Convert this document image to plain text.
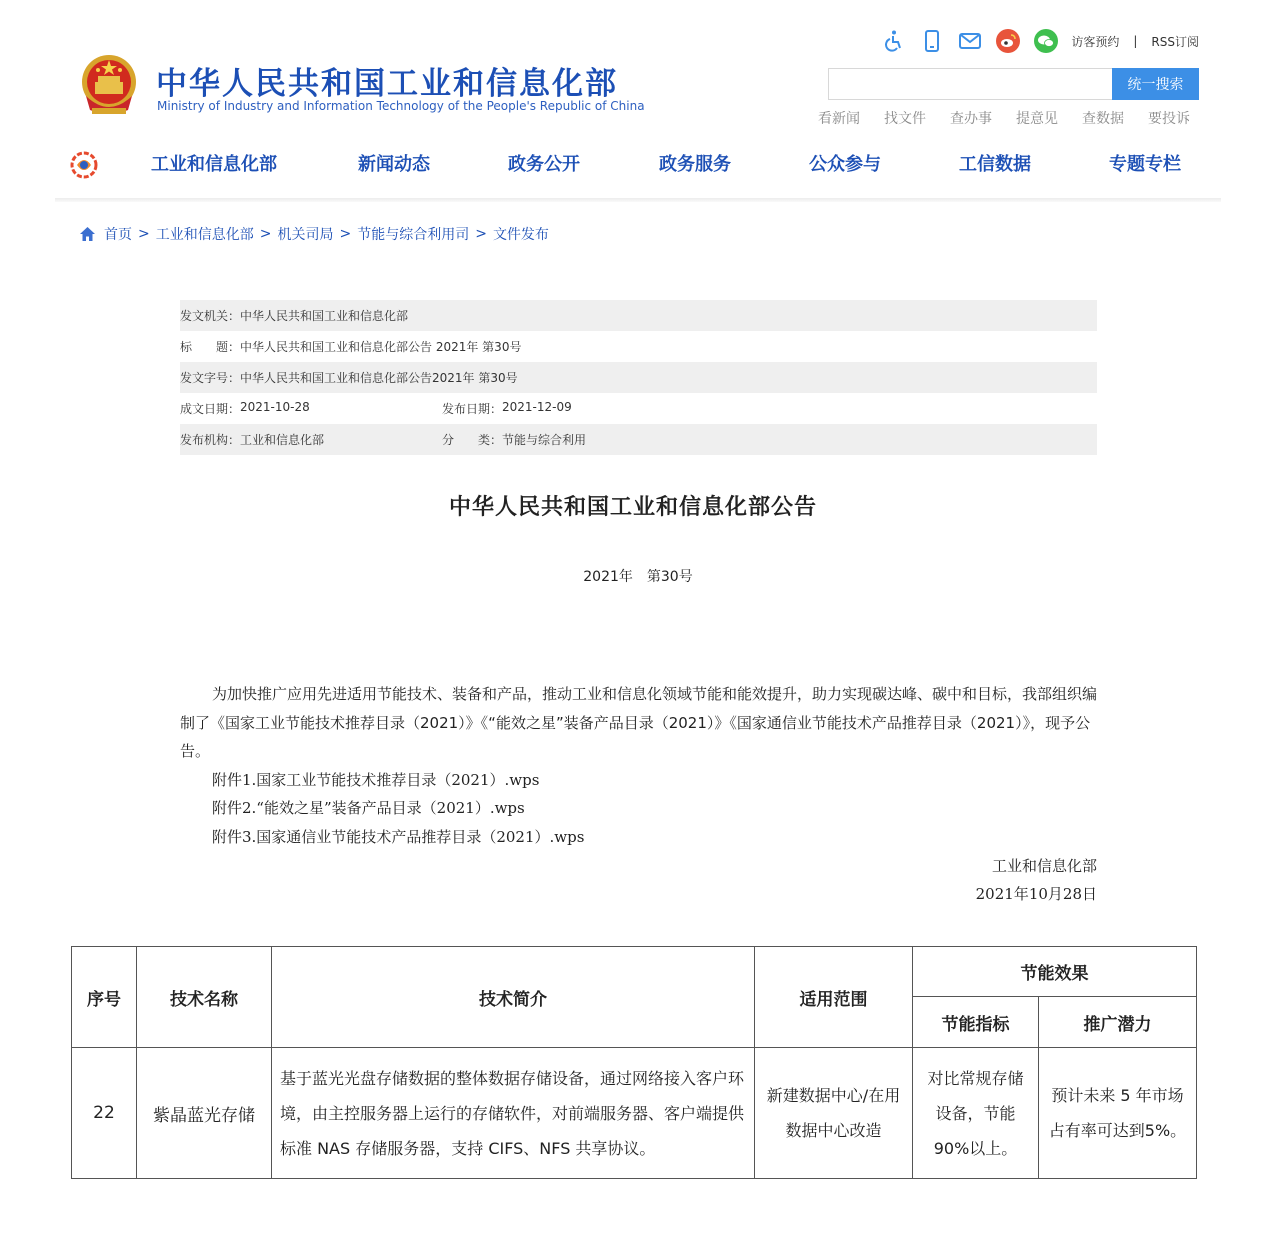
中华人民共和国工业和信息化部
Ministry of Industry and Information Technology of the People's Republic of China
访客预约 | RSS订阅
统一搜索
看新闻 找文件 查办事 提意见 查数据 要投诉
工业和信息化部	新闻动态	政务公开	政务服务	公众参与	工信数据	专题专栏
首页 > 工业和信息化部 > 机关司局 > 节能与综合利用司 > 文件发布
发文机关： 中华人民共和国工业和信息化部
标　　题： 中华人民共和国工业和信息化部公告 2021年 第30号
发文字号： 中华人民共和国工业和信息化部公告2021年 第30号
成文日期： 2021-10-28	发布日期： 2021-12-09
发布机构： 工业和信息化部	分　　类： 节能与综合利用
中华人民共和国工业和信息化部公告
2021年　第30号

为加快推广应用先进适用节能技术、装备和产品，推动工业和信息化领域节能和能效提升，助力实现碳达峰、碳中和目标，我部组织编制了《国家工业节能技术推荐目录（2021）》《“能效之星”装备产品目录（2021）》《国家通信业节能技术产品推荐目录（2021）》，现予公告。

附件1.国家工业节能技术推荐目录（2021）.wps

附件2.“能效之星”装备产品目录（2021）.wps

附件3.国家通信业节能技术产品推荐目录（2021）.wps

工业和信息化部
2021年10月28日
序号	技术名称	技术简介	适用范围	节能效果	
				节能指标	推广潜力
22	紫晶蓝光存储	基于蓝光光盘存储数据的整体数据存储设备，通过网络接入客户环境，由主控服务器上运行的存储软件，对前端服务器、客户端提供标准 NAS 存储服务器，支持 CIFS、NFS 共享协议。	新建数据中心/在用数据中心改造	对比常规存储设备，节能90%以上。	预计未来 5 年市场占有率可达到5%。
